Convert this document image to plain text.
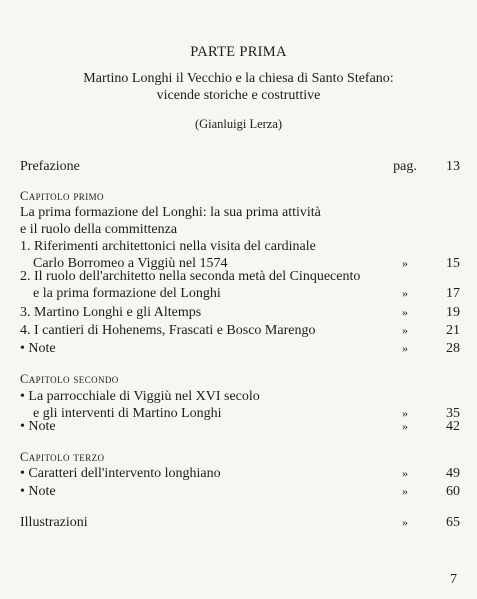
PARTE PRIMA
Martino Longhi il Vecchio e la chiesa di Santo Stefano:
vicende storiche e costruttive
(Gianluigi Lerza)
Prefazione	pag.	13
Capitolo primo
La prima formazione del Longhi: la sua prima attività
e il ruolo della committenza
1. Riferimenti architettonici nella visita del cardinale
Carlo Borromeo a Viggiù nel 1574	»	15
2. Il ruolo dell'architetto nella seconda metà del Cinquecento
e la prima formazione del Longhi	»	17
3. Martino Longhi e gli Altemps	»	19
4. I cantieri di Hohenems, Frascati e Bosco Marengo	»	21
• Note	»	28
Capitolo secondo
• La parrocchiale di Viggiù nel XVI secolo
e gli interventi di Martino Longhi	»	35
• Note	»	42
Capitolo terzo
• Caratteri dell'intervento longhiano	»	49
• Note	»	60
Illustrazioni	»	65
7
